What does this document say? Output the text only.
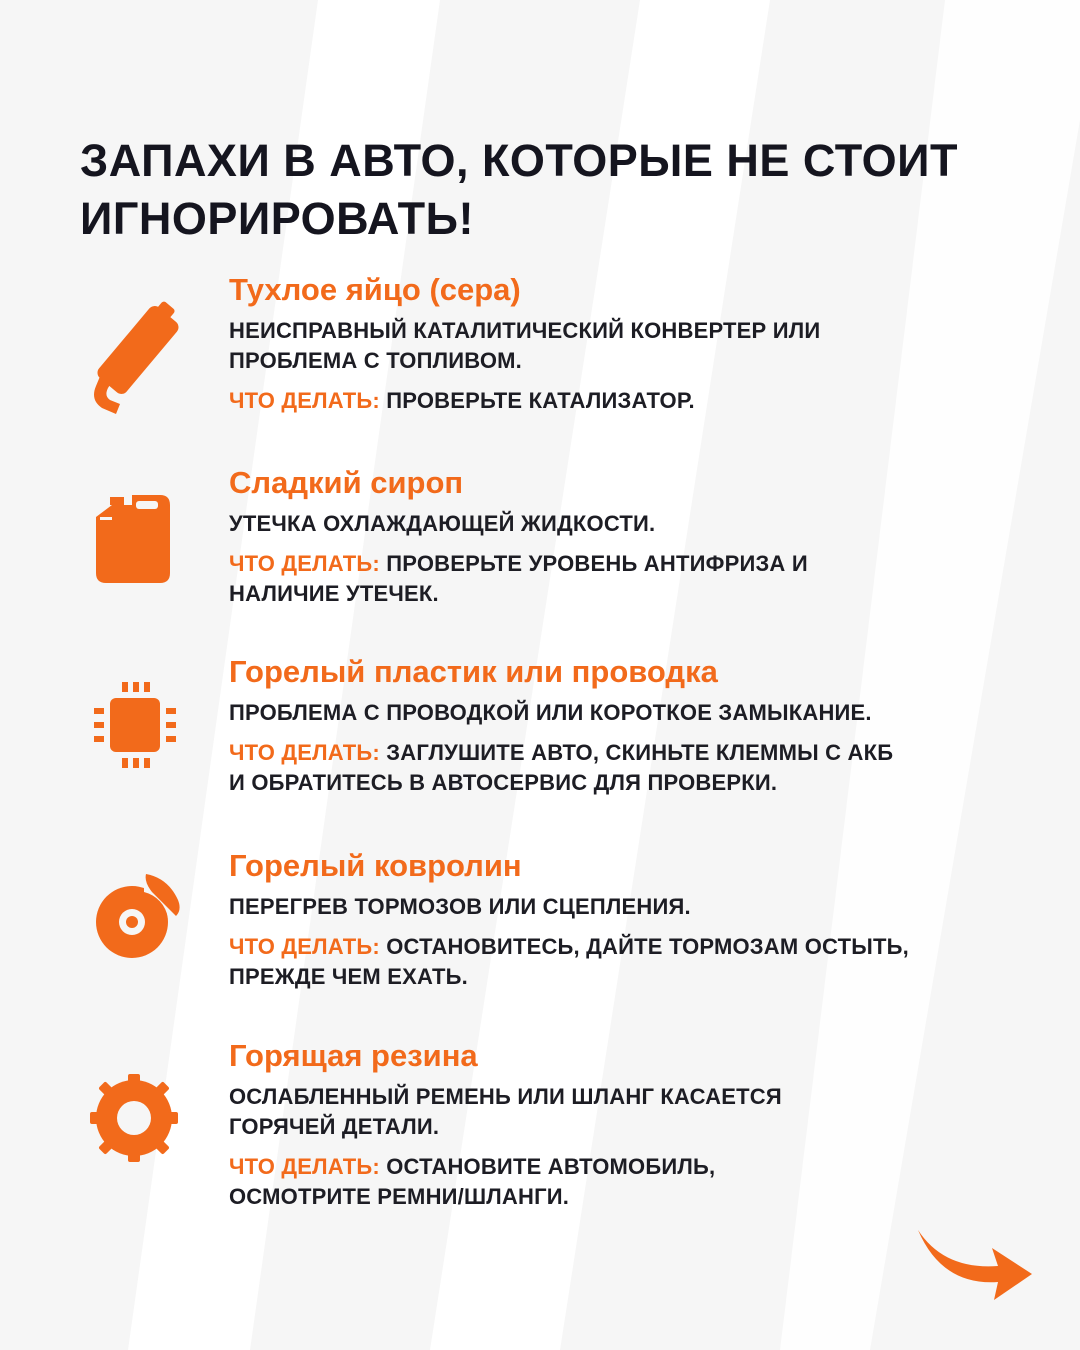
ЗАПАХИ В АВТО, КОТОРЫЕ НЕ СТОИТ
ИГНОРИРОВАТЬ!

Тухлое яйцо (сера)

НЕИСПРАВНЫЙ КАТАЛИТИЧЕСКИЙ КОНВЕРТЕР ИЛИ

ПРОБЛЕМА С ТОПЛИВОМ.

ЧТО ДЕЛАТЬ: ПРОВЕРЬТЕ КАТАЛИЗАТОР.

Сладкий сироп

УТЕЧКА ОХЛАЖДАЮЩЕЙ ЖИДКОСТИ.

ЧТО ДЕЛАТЬ: ПРОВЕРЬТЕ УРОВЕНЬ АНТИФРИЗА И

НАЛИЧИЕ УТЕЧЕК.

Горелый пластик или проводка

ПРОБЛЕМА С ПРОВОДКОЙ ИЛИ КОРОТКОЕ ЗАМЫКАНИЕ.

ЧТО ДЕЛАТЬ: ЗАГЛУШИТЕ АВТО, СКИНЬТЕ КЛЕММЫ С АКБ

И ОБРАТИТЕСЬ В АВТОСЕРВИС ДЛЯ ПРОВЕРКИ.

Горелый ковролин

ПЕРЕГРЕВ ТОРМОЗОВ ИЛИ СЦЕПЛЕНИЯ.

ЧТО ДЕЛАТЬ: ОСТАНОВИТЕСЬ, ДАЙТЕ ТОРМОЗАМ ОСТЫТЬ,

ПРЕЖДЕ ЧЕМ ЕХАТЬ.

Горящая резина

ОСЛАБЛЕННЫЙ РЕМЕНЬ ИЛИ ШЛАНГ КАСАЕТСЯ

ГОРЯЧЕЙ ДЕТАЛИ.

ЧТО ДЕЛАТЬ: ОСТАНОВИТЕ АВТОМОБИЛЬ,

ОСМОТРИТЕ РЕМНИ/ШЛАНГИ.
